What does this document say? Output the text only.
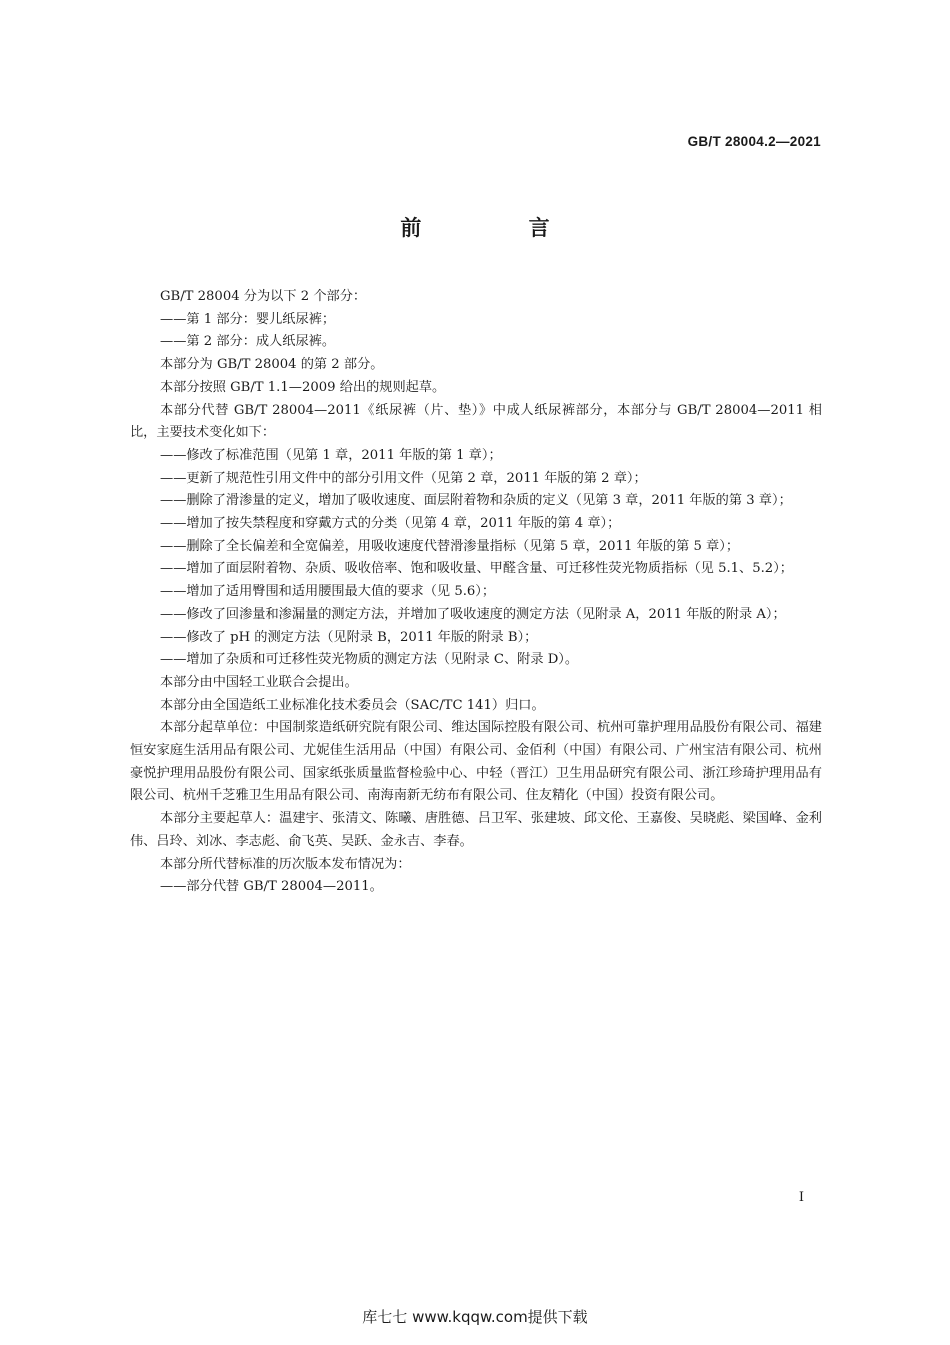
GB/T 28004.2—2021
前 言

GB/T 28004 分为以下 2 个部分：

——第 1 部分：婴儿纸尿裤；

——第 2 部分：成人纸尿裤。

本部分为 GB/T 28004 的第 2 部分。

本部分按照 GB/T 1.1—2009 给出的规则起草。

本部分代替 GB/T 28004—2011《纸尿裤（片、垫）》中成人纸尿裤部分，本部分与 GB/T 28004—2011 相比，主要技术变化如下：

——修改了标准范围（见第 1 章，2011 年版的第 1 章）；

——更新了规范性引用文件中的部分引用文件（见第 2 章，2011 年版的第 2 章）；

——删除了滑渗量的定义，增加了吸收速度、面层附着物和杂质的定义（见第 3 章，2011 年版的第 3 章）；

——增加了按失禁程度和穿戴方式的分类（见第 4 章，2011 年版的第 4 章）；

——删除了全长偏差和全宽偏差，用吸收速度代替滑渗量指标（见第 5 章，2011 年版的第 5 章）；

——增加了面层附着物、杂质、吸收倍率、饱和吸收量、甲醛含量、可迁移性荧光物质指标（见 5.1、5.2）；

——增加了适用臀围和适用腰围最大值的要求（见 5.6）；

——修改了回渗量和渗漏量的测定方法，并增加了吸收速度的测定方法（见附录 A，2011 年版的附录 A）；

——修改了 pH 的测定方法（见附录 B，2011 年版的附录 B）；

——增加了杂质和可迁移性荧光物质的测定方法（见附录 C、附录 D）。

本部分由中国轻工业联合会提出。

本部分由全国造纸工业标准化技术委员会（SAC/TC 141）归口。

本部分起草单位：中国制浆造纸研究院有限公司、维达国际控股有限公司、杭州可靠护理用品股份有限公司、福建恒安家庭生活用品有限公司、尤妮佳生活用品（中国）有限公司、金佰利（中国）有限公司、广州宝洁有限公司、杭州豪悦护理用品股份有限公司、国家纸张质量监督检验中心、中轻（晋江）卫生用品研究有限公司、浙江珍琦护理用品有限公司、杭州千芝雅卫生用品有限公司、南海南新无纺布有限公司、住友精化（中国）投资有限公司。

本部分主要起草人：温建宇、张清文、陈曦、唐胜德、吕卫军、张建坡、邱文伦、王嘉俊、吴晓彪、梁国峰、金利伟、吕玲、刘冰、李志彪、俞飞英、吴跃、金永吉、李春。

本部分所代替标准的历次版本发布情况为：

——部分代替 GB/T 28004—2011。

I
库七七 www.kqqw.com提供下载
